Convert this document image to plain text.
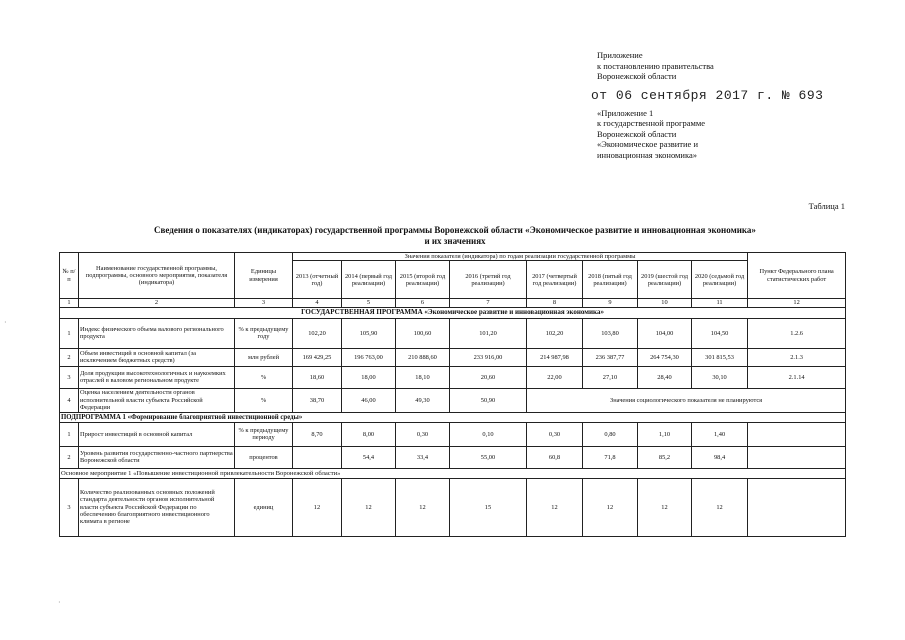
Приложение
к постановлению правительства
Воронежской области
от 06 сентября 2017 г. № 693
«Приложение 1
к государственной программе
Воронежской области
«Экономическое развитие и
инновационная экономика»
Таблица 1
Сведения о показателях (индикаторах) государственной программы Воронежской области «Экономическое развитие и инновационная экономика»
и их значениях
№ п/п	Наименование государственной программы, подпрограммы, основного мероприятия, показателя (индикатора)	Единицы измерения	Значения показателя (индикатора) по годам реализации государственной программы								Пункт Федерального плана статистических работ
			2013 (отчетный год)	2014 (первый год реализации)	2015 (второй год реализации)	2016 (третий год реализации)	2017 (четвертый год реализации)	2018 (пятый год реализации)	2019 (шестой год реализации)	2020 (седьмой год реализации)	
1	2	3	4	5	6	7	8	9	10	11	12
ГОСУДАРСТВЕННАЯ ПРОГРАММА «Экономическое развитие и инновационная экономика»											
1	Индекс физического объема валового регионального продукта	% к предыдущему году	102,20	105,90	100,60	101,20	102,20	103,80	104,00	104,50	1.2.6
2	Объем инвестиций в основной капитал (за исключением бюджетных средств)	млн рублей	169 429,25	196 763,00	210 888,60	233 916,00	214 987,98	236 387,77	264 754,30	301 815,53	2.1.3
3	Доля продукции высокотехнологичных и наукоемких отраслей в валовом региональном продукте	%	18,60	18,00	18,10	20,60	22,00	27,10	28,40	30,10	2.1.14
4	Оценка населением деятельности органов исполнительной власти субъекта Российской Федерации	%	38,70	46,00	49,30	50,90	Значения социологического показателя не планируются				
ПОДПРОГРАММА 1 «Формирование благоприятной инвестиционной среды»											
1	Прирост инвестиций в основной капитал	% к предыдущему периоду	8,70	8,00	0,30	0,10	0,30	0,80	1,10	1,40	
2	Уровень развития государственно-частного партнерства Воронежской области	процентов		54,4	33,4	55,00	60,8	71,8	85,2	98,4	
Основное мероприятие 1 «Повышение инвестиционной привлекательности Воронежской области»											
3	Количество реализованных основных положений стандарта деятельности органов исполнительной власти субъекта Российской Федерации по обеспечению благоприятного инвестиционного климата в регионе	единиц	12	12	12	15	12	12	12	12	
·
·
